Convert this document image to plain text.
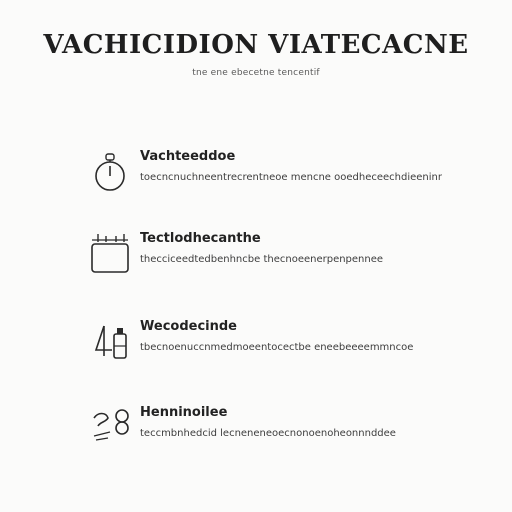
VACHICIDION VIATECACNE
tne ene ebecetne tencentif
Vachteeddoe
toecncnuchneentrecrentneoe mencne ooedheceechdieeninr
Tectlodhecanthe
thecciceedtedbenhncbe thecnoeenerpenpennee
Wecodecinde
tbecnoenuccnmedmoeentocectbe eneebeeeemmncoe
Henninoilee
teccmbnhedcid lecneneneoecnonoenoheonnnddee
